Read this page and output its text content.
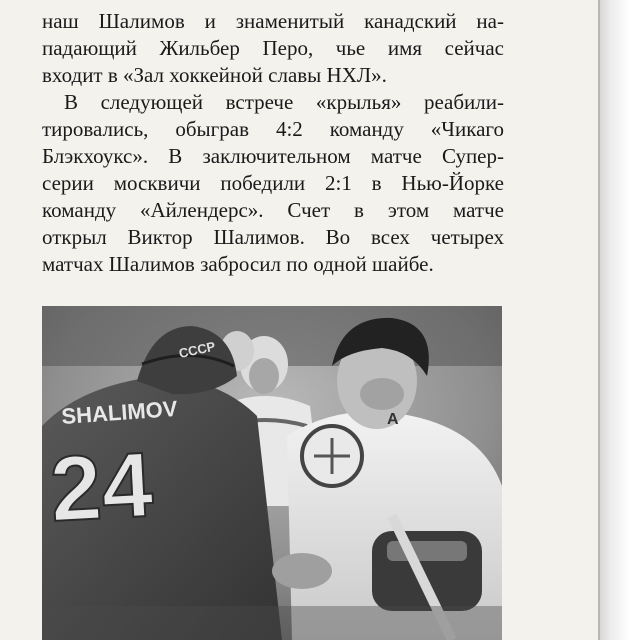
наш Шалимов и знаменитый канадский на-
падающий Жильбер Перо, чье имя сейчас
входит в «Зал хоккейной славы НХЛ».
В следующей встрече «крылья» реабили-
тировались, обыграв 4:2 команду «Чикаго
Блэкхоукс». В заключительном матче Супер-
серии москвичи победили 2:1 в Нью-Йорке
команду «Айлендерс». Счет в этом матче
открыл Виктор Шалимов. Во всех четырех
матчах Шалимов забросил по одной шайбе.
CCCP
SHALIMOV
24
A
